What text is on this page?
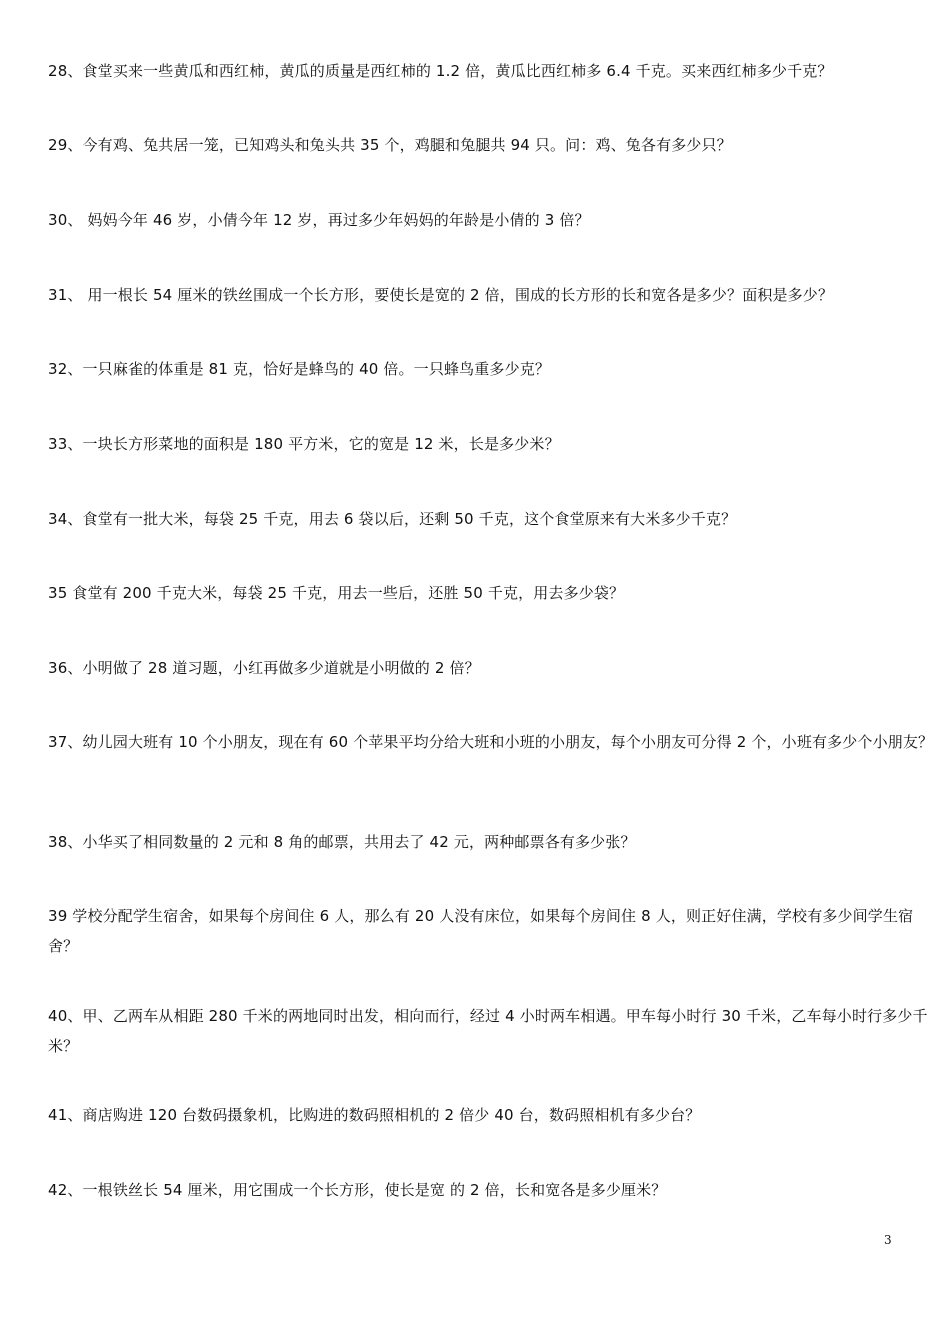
28、食堂买来一些黄瓜和西红柿，黄瓜的质量是西红柿的 1.2 倍，黄瓜比西红柿多 6.4 千克。买来西红柿多少千克？

29、今有鸡、兔共居一笼，已知鸡头和兔头共 35 个，鸡腿和兔腿共 94 只。问：鸡、兔各有多少只？

30、 妈妈今年 46 岁，小倩今年 12 岁，再过多少年妈妈的年龄是小倩的 3 倍？

31、 用一根长 54 厘米的铁丝围成一个长方形，要使长是宽的 2 倍，围成的长方形的长和宽各是多少？面积是多少？

32、一只麻雀的体重是 81 克，恰好是蜂鸟的 40 倍。一只蜂鸟重多少克？

33、一块长方形菜地的面积是 180 平方米，它的宽是 12 米，长是多少米？

34、食堂有一批大米，每袋 25 千克，用去 6 袋以后，还剩 50 千克，这个食堂原来有大米多少千克？

35 食堂有 200 千克大米，每袋 25 千克，用去一些后，还胜 50 千克，用去多少袋？

36、小明做了 28 道习题，小红再做多少道就是小明做的 2 倍？

37、幼儿园大班有 10 个小朋友，现在有 60 个苹果平均分给大班和小班的小朋友，每个小朋友可分得 2 个，小班有多少个小朋友？

38、小华买了相同数量的 2 元和 8 角的邮票，共用去了 42 元，两种邮票各有多少张？

39 学校分配学生宿舍，如果每个房间住 6 人，那么有 20 人没有床位，如果每个房间住 8 人，则正好住满，学校有多少间学生宿舍？

40、甲、乙两车从相距 280 千米的两地同时出发，相向而行，经过 4 小时两车相遇。甲车每小时行 30 千米，乙车每小时行多少千米？

41、商店购进 120 台数码摄象机，比购进的数码照相机的 2 倍少 40 台，数码照相机有多少台？

42、一根铁丝长 54 厘米，用它围成一个长方形，使长是宽 的 2 倍，长和宽各是多少厘米？

3
